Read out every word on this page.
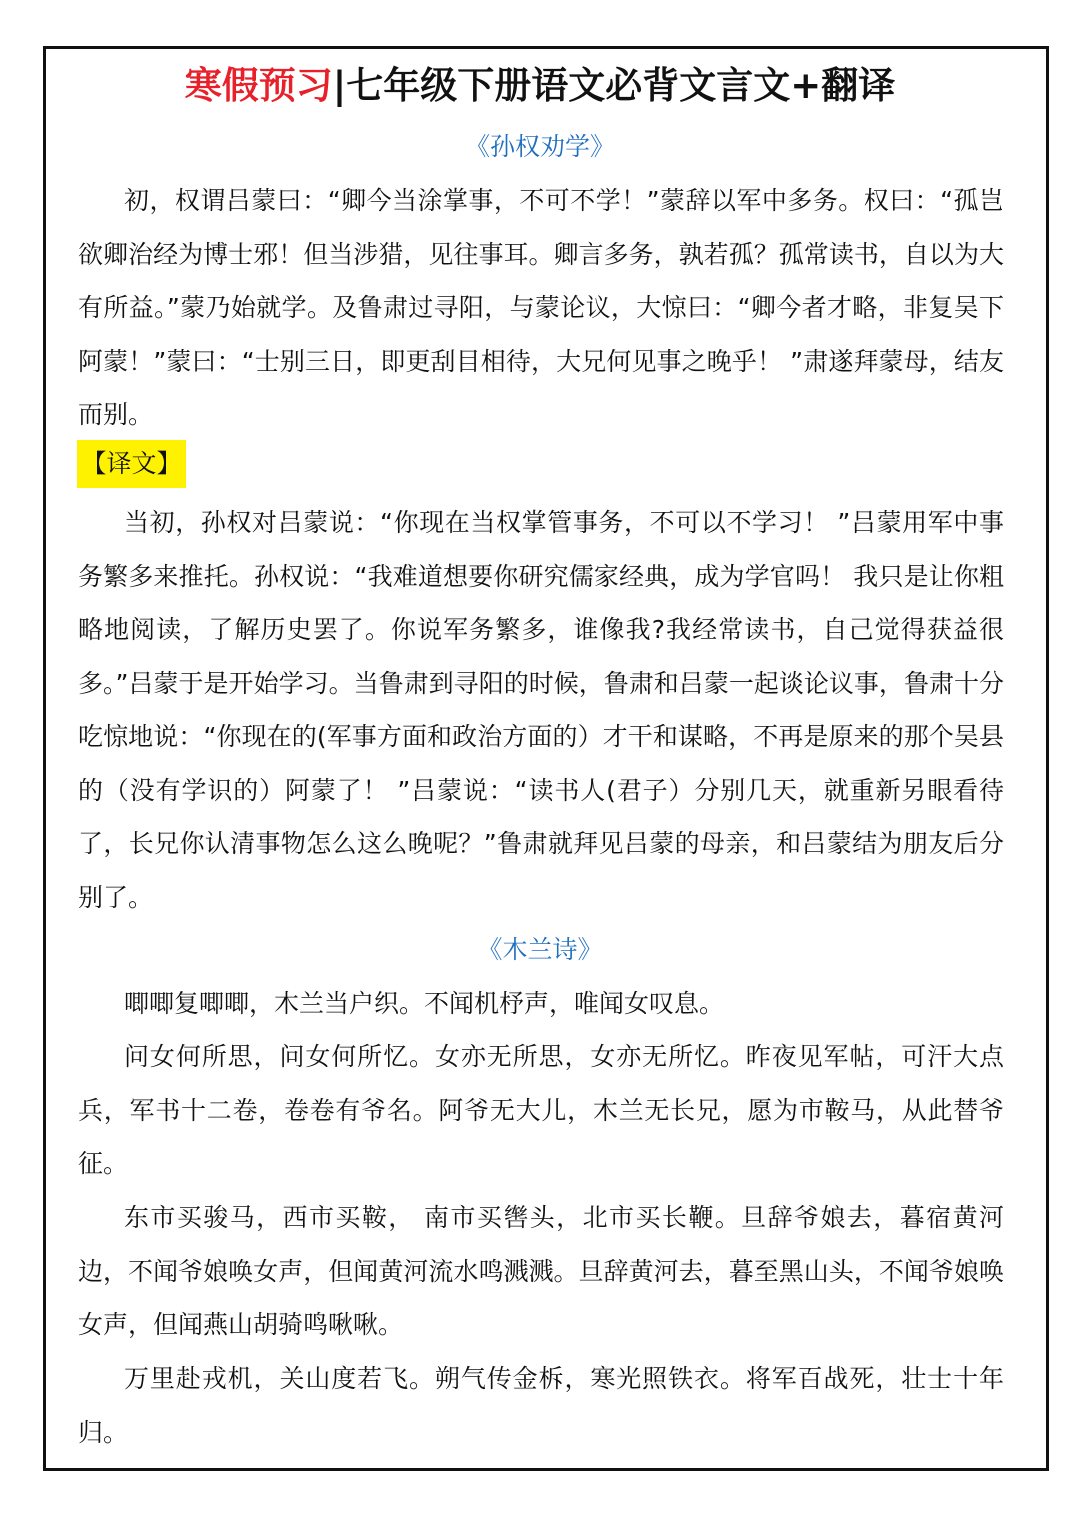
寒假预习|七年级下册语文必背文言文+翻译
《孙权劝学》
初，权谓吕蒙曰：“卿今当涂掌事，不可不学！”蒙辞以军中多务。权曰：“孤岂欲卿治经为博士邪！但当涉猎，见往事耳。卿言多务，孰若孤？孤常读书，自以为大有所益。”蒙乃始就学。及鲁肃过寻阳，与蒙论议，大惊曰：“卿今者才略，非复吴下阿蒙！”蒙曰：“士别三日，即更刮目相待，大兄何见事之晚乎！ ”肃遂拜蒙母，结友而别。
【译文】
当初，孙权对吕蒙说：“你现在当权掌管事务，不可以不学习！ ”吕蒙用军中事务繁多来推托。孙权说：“我难道想要你研究儒家经典，成为学官吗！ 我只是让你粗略地阅读，了解历史罢了。你说军务繁多，谁像我?我经常读书，自己觉得获益很多。”吕蒙于是开始学习。当鲁肃到寻阳的时候，鲁肃和吕蒙一起谈论议事，鲁肃十分吃惊地说：“你现在的(军事方面和政治方面的）才干和谋略，不再是原来的那个吴县的（没有学识的）阿蒙了！ ”吕蒙说：“读书人(君子）分别几天，就重新另眼看待了，长兄你认清事物怎么这么晚呢？”鲁肃就拜见吕蒙的母亲，和吕蒙结为朋友后分别了。
《木兰诗》
唧唧复唧唧，木兰当户织。不闻机杼声，唯闻女叹息。
问女何所思，问女何所忆。女亦无所思，女亦无所忆。昨夜见军帖，可汗大点兵，军书十二卷，卷卷有爷名。阿爷无大儿，木兰无长兄，愿为市鞍马，从此替爷征。
东市买骏马，西市买鞍， 南市买辔头，北市买长鞭。旦辞爷娘去，暮宿黄河边，不闻爷娘唤女声，但闻黄河流水鸣溅溅。旦辞黄河去，暮至黑山头，不闻爷娘唤女声，但闻燕山胡骑鸣啾啾。
万里赴戎机，关山度若飞。朔气传金柝，寒光照铁衣。将军百战死，壮士十年归。
